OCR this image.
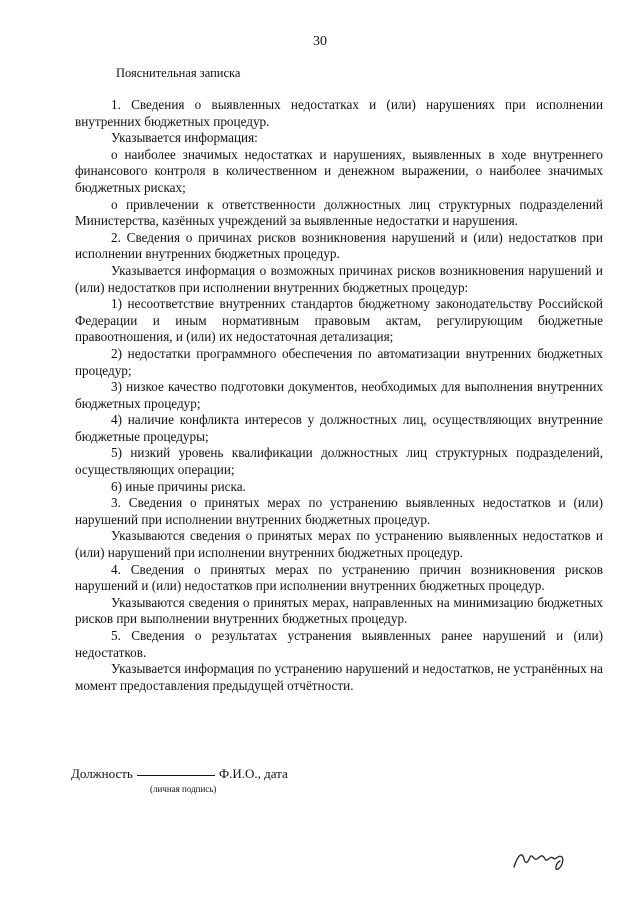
30
Пояснительная записка

1. Сведения о выявленных недостатках и (или) нарушениях при исполнении внутренних бюджетных процедур.

Указывается информация:

о наиболее значимых недостатках и нарушениях, выявленных в ходе внутреннего финансового контроля в количественном и денежном выражении, о наиболее значимых бюджетных рисках;

о привлечении к ответственности должностных лиц структурных подразделений Министерства, казённых учреждений за выявленные недостатки и нарушения.

2. Сведения о причинах рисков возникновения нарушений и (или) недостатков при исполнении внутренних бюджетных процедур.

Указывается информация о возможных причинах рисков возникновения нарушений и (или) недостатков при исполнении внутренних бюджетных процедур:

1) несоответствие внутренних стандартов бюджетному законодательству Российской Федерации и иным нормативным правовым актам, регулирующим бюджетные правоотношения, и (или) их недостаточная детализация;

2) недостатки программного обеспечения по автоматизации внутренних бюджетных процедур;

3) низкое качество подготовки документов, необходимых для выполнения внутренних бюджетных процедур;

4) наличие конфликта интересов у должностных лиц, осуществляющих внутренние бюджетные процедуры;

5) низкий уровень квалификации должностных лиц структурных подразделений, осуществляющих операции;

6) иные причины риска.

3. Сведения о принятых мерах по устранению выявленных недостатков и (или) нарушений при исполнении внутренних бюджетных процедур.

Указываются сведения о принятых мерах по устранению выявленных недостатков и (или) нарушений при исполнении внутренних бюджетных процедур.

4. Сведения о принятых мерах по устранению причин возникновения рисков нарушений и (или) недостатков при исполнении внутренних бюджетных процедур.

Указываются сведения о принятых мерах, направленных на минимизацию бюджетных рисков при выполнении внутренних бюджетных процедур.

5. Сведения о результатах устранения выявленных ранее нарушений и (или) недостатков.

Указывается информация по устранению нарушений и недостатков, не устранённых на момент предоставления предыдущей отчётности.

Должность	Ф.И.О., дата
(личная подпись)
